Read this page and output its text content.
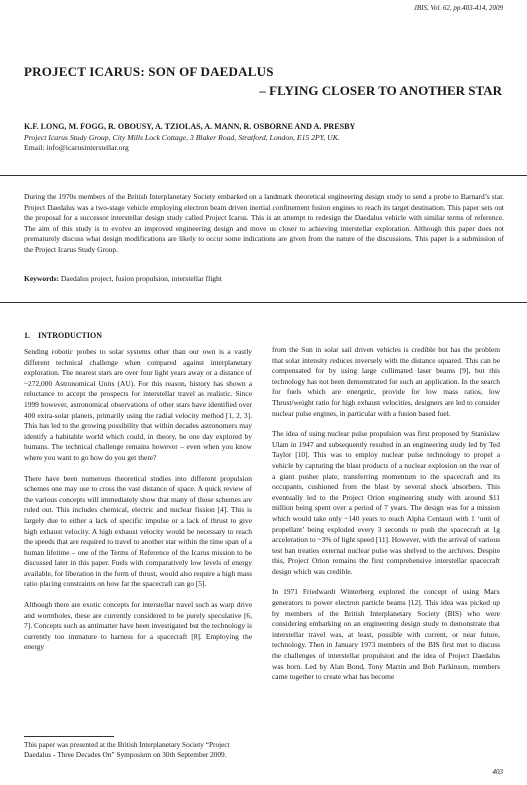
JBIS, Vol. 62, pp.403-414, 2009
PROJECT ICARUS: SON OF DAEDALUS
– FLYING CLOSER TO ANOTHER STAR
K.F. LONG, M. FOGG, R. OBOUSY, A. TZIOLAS, A. MANN, R. OSBORNE AND A. PRESBY
Project Icarus Study Group, City Mills Lock Cottage, 3 Blaker Road, Stratford, London, E15 2PY, UK.
Email: info@icarusinterstellar.org
During the 1970s members of the British Interplanetary Society embarked on a landmark theoretical engineering design study to send a probe to Barnard’s star. Project Daedalus was a two-stage vehicle employing electron beam driven inertial confinement fusion engines to reach its target destination. This paper sets out the proposal for a successor interstellar design study called Project Icarus. This is an attempt to redesign the Daedalus vehicle with similar terms of reference. The aim of this study is to evolve an improved engineering design and move us closer to achieving interstellar exploration. Although this paper does not prematurely discuss what design modifications are likely to occur some indications are given from the nature of the discussions. This paper is a submission of the Project Icarus Study Group.
Keywords: Daedalus project, fusion propulsion, interstellar flight
1.    INTRODUCTION

Sending robotic probes to solar systems other than our own is a vastly different technical challenge when compared against interplanetary exploration. The nearest stars are over four light years away or a distance of ~272,000 Astronomical Units (AU). For this reason, history has shown a reluctance to accept the prospects for interstellar travel as realistic. Since 1999 however, astronomical observations of other stars have identified over 400 extra-solar planets, primarily using the radial velocity method [1, 2, 3]. This has led to the growing possibility that within decades astronomers may identify a habitable world which could, in theory, be one day explored by humans. The technical challenge remains however – even when you know where you want to go how do you get there?

There have been numerous theoretical studies into different propulsion schemes one may use to cross the vast distance of space. A quick review of the various concepts will immediately show that many of those schemes are ruled out. This includes chemical, electric and nuclear fission [4]. This is largely due to either a lack of specific impulse or a lack of thrust to give high exhaust velocity. A high exhaust velocity would be necessary to reach the speeds that are required to travel to another star within the time span of a human lifetime – one of the Terms of Reference of the Icarus mission to be discussed later in this paper. Fuels with comparatively low levels of energy available, for liberation in the form of thrust, would also require a high mass ratio placing constraints on how far the spacecraft can go [5].

Although there are exotic concepts for interstellar travel such as warp drive and wormholes, these are currently considered to be purely speculative [6, 7]. Concepts such as antimatter have been investigated but the technology is currently too immature to harness for a spacecraft [8]. Employing the energy

from the Sun in solar sail driven vehicles is credible but has the problem that solar intensity reduces inversely with the distance squared. This can be compensated for by using large collimated laser beams [9], but this technology has not been demonstrated for such an application. In the search for fuels which are energetic, provide for low mass ratios, low Thrust/weight ratio for high exhaust velocities, designers are led to consider nuclear pulse engines, in particular with a fusion based fuel.

The idea of using nuclear pulse propulsion was first proposed by Stanislaw Ulam in 1947 and subsequently resulted in an engineering study led by Ted Taylor [10]. This was to employ nuclear pulse technology to propel a vehicle by capturing the blast products of a nuclear explosion on the rear of a giant pusher plate, transferring momentum to the spacecraft and its occupants, cushioned from the blast by several shock absorbers. This eventually led to the Project Orion engineering study with around $11 million being spent over a period of 7 years. The design was for a mission which would take only ~140 years to reach Alpha Centauri with 1 ‘unit of propellant’ being exploded every 3 seconds to push the spacecraft at 1g acceleration to ~3% of light speed [11]. However, with the arrival of various test ban treaties external nuclear pulse was shelved to the archives. Despite this, Project Orion remains the first comprehensive interstellar spacecraft design which was credible.

In 1971 Friedwardt Winterberg explored the concept of using Marx generators to power electron particle beams [12]. This idea was picked up by members of the British Interplanetary Society (BIS) who were considering embarking on an engineering design study to demonstrate that interstellar travel was, at least, possible with current, or near future, technology. Then in January 1973 members of the BIS first met to discuss the challenges of interstellar propulsion and the idea of Project Daedalus was born. Led by Alan Bond, Tony Martin and Bob Parkinson, members came together to create what has become

This paper was presented at the British Interplanetary Society “Project Daedalus - Three Decades On” Symposium on 30th September 2009.
403
